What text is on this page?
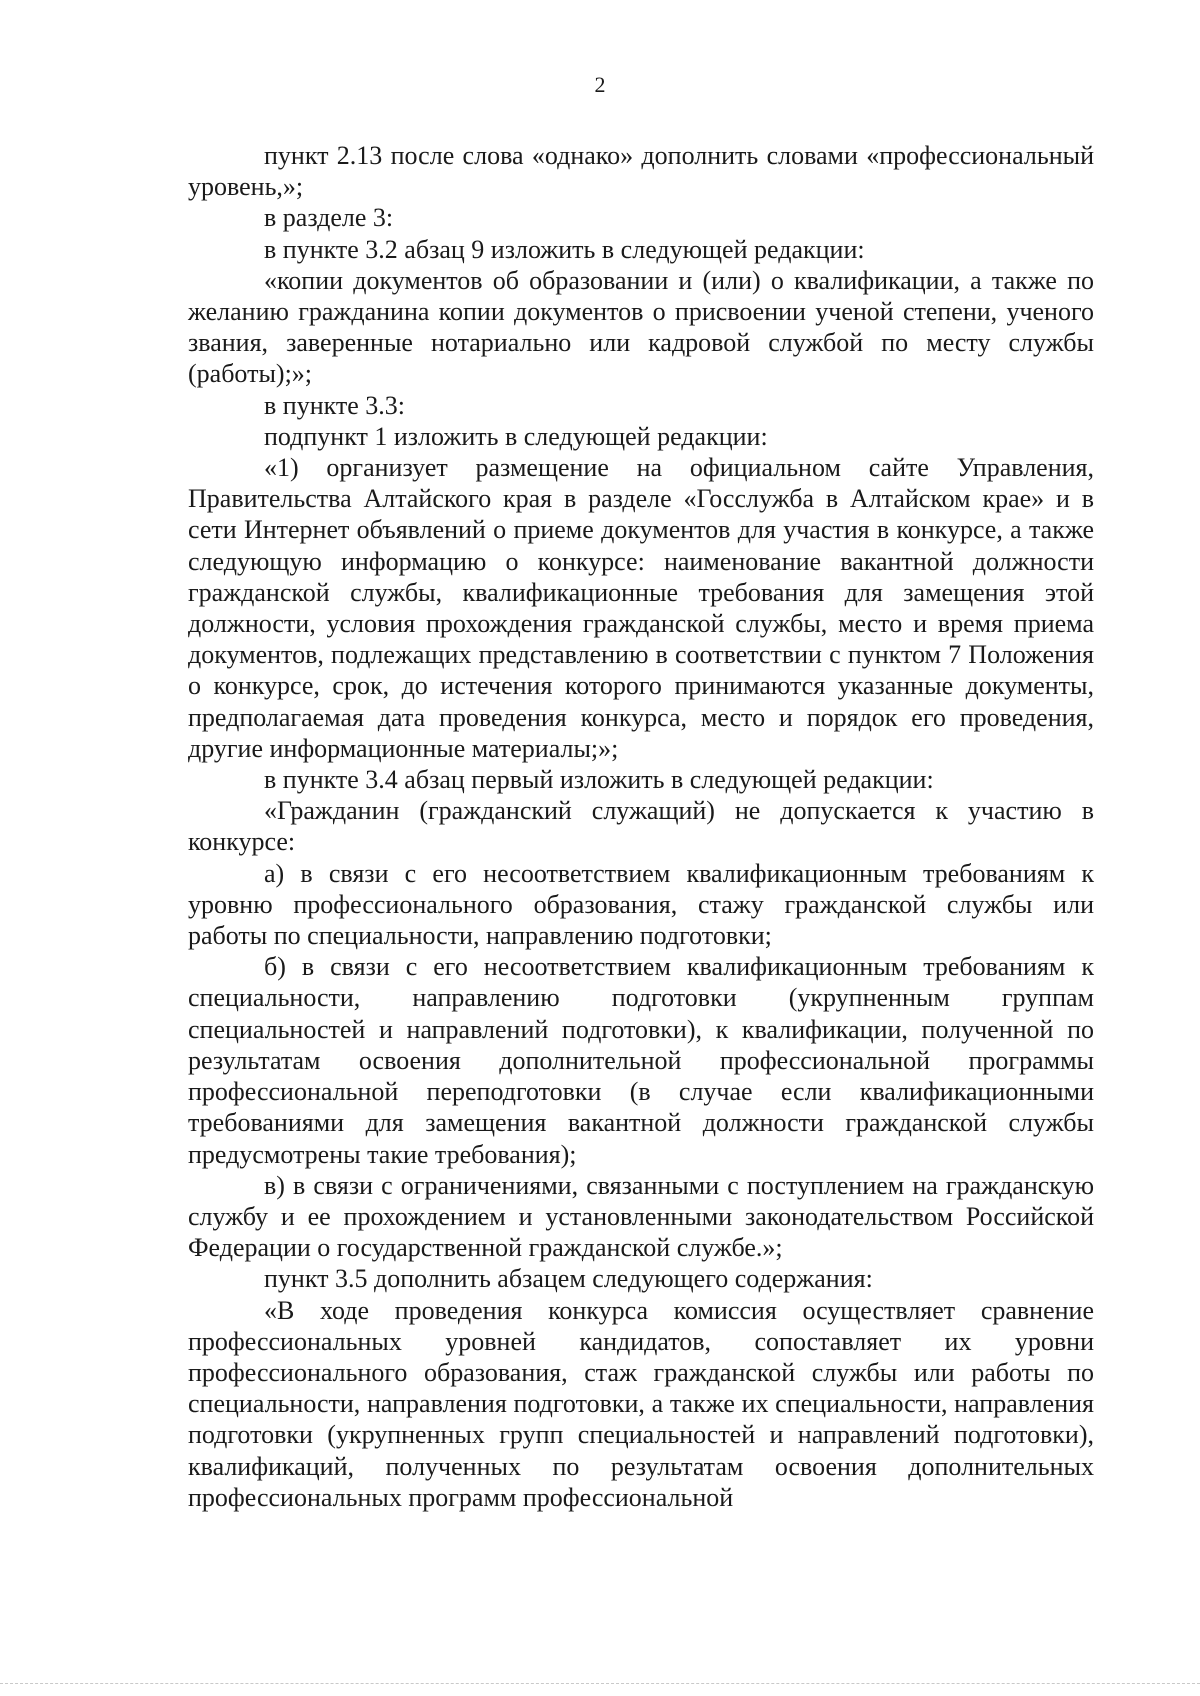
2

пункт 2.13 после слова «однако» дополнить словами «профессиональный уровень,»;

в разделе 3:

в пункте 3.2 абзац 9 изложить в следующей редакции:

«копии документов об образовании и (или) о квалификации, а также по желанию гражданина копии документов о присвоении ученой степени, ученого звания, заверенные нотариально или кадровой службой по месту службы (работы);»;

в пункте 3.3:

подпункт 1 изложить в следующей редакции:

«1) организует размещение на официальном сайте Управления, Правительства Алтайского края в разделе «Госслужба в Алтайском крае» и в сети Интернет объявлений о приеме документов для участия в конкурсе, а также следующую информацию о конкурсе: наименование вакантной должности гражданской службы, квалификационные требования для замещения этой должности, условия прохождения гражданской службы, место и время приема документов, подлежащих представлению в соответствии с пунктом 7 Положения о конкурсе, срок, до истечения которого принимаются указанные документы, предполагаемая дата проведения конкурса, место и порядок его проведения, другие информационные материалы;»;

в пункте 3.4 абзац первый изложить в следующей редакции:

«Гражданин (гражданский служащий) не допускается к участию в конкурсе:

а) в связи с его несоответствием квалификационным требованиям к уровню профессионального образования, стажу гражданской службы или работы по специальности, направлению подготовки;

б) в связи с его несоответствием квалификационным требованиям к специальности, направлению подготовки (укрупненным группам специальностей и направлений подготовки), к квалификации, полученной по результатам освоения дополнительной профессиональной программы профессиональной переподготовки (в случае если квалификационными требованиями для замещения вакантной должности гражданской службы предусмотрены такие требования);

в) в связи с ограничениями, связанными с поступлением на гражданскую службу и ее прохождением и установленными законодательством Российской Федерации о государственной гражданской службе.»;

пункт 3.5 дополнить абзацем следующего содержания:

«В ходе проведения конкурса комиссия осуществляет сравнение профессиональных уровней кандидатов, сопоставляет их уровни профессионального образования, стаж гражданской службы или работы по специальности, направления подготовки, а также их специальности, направления подготовки (укрупненных групп специальностей и направлений подготовки), квалификаций, полученных по результатам освоения дополнительных профессиональных программ профессиональной
